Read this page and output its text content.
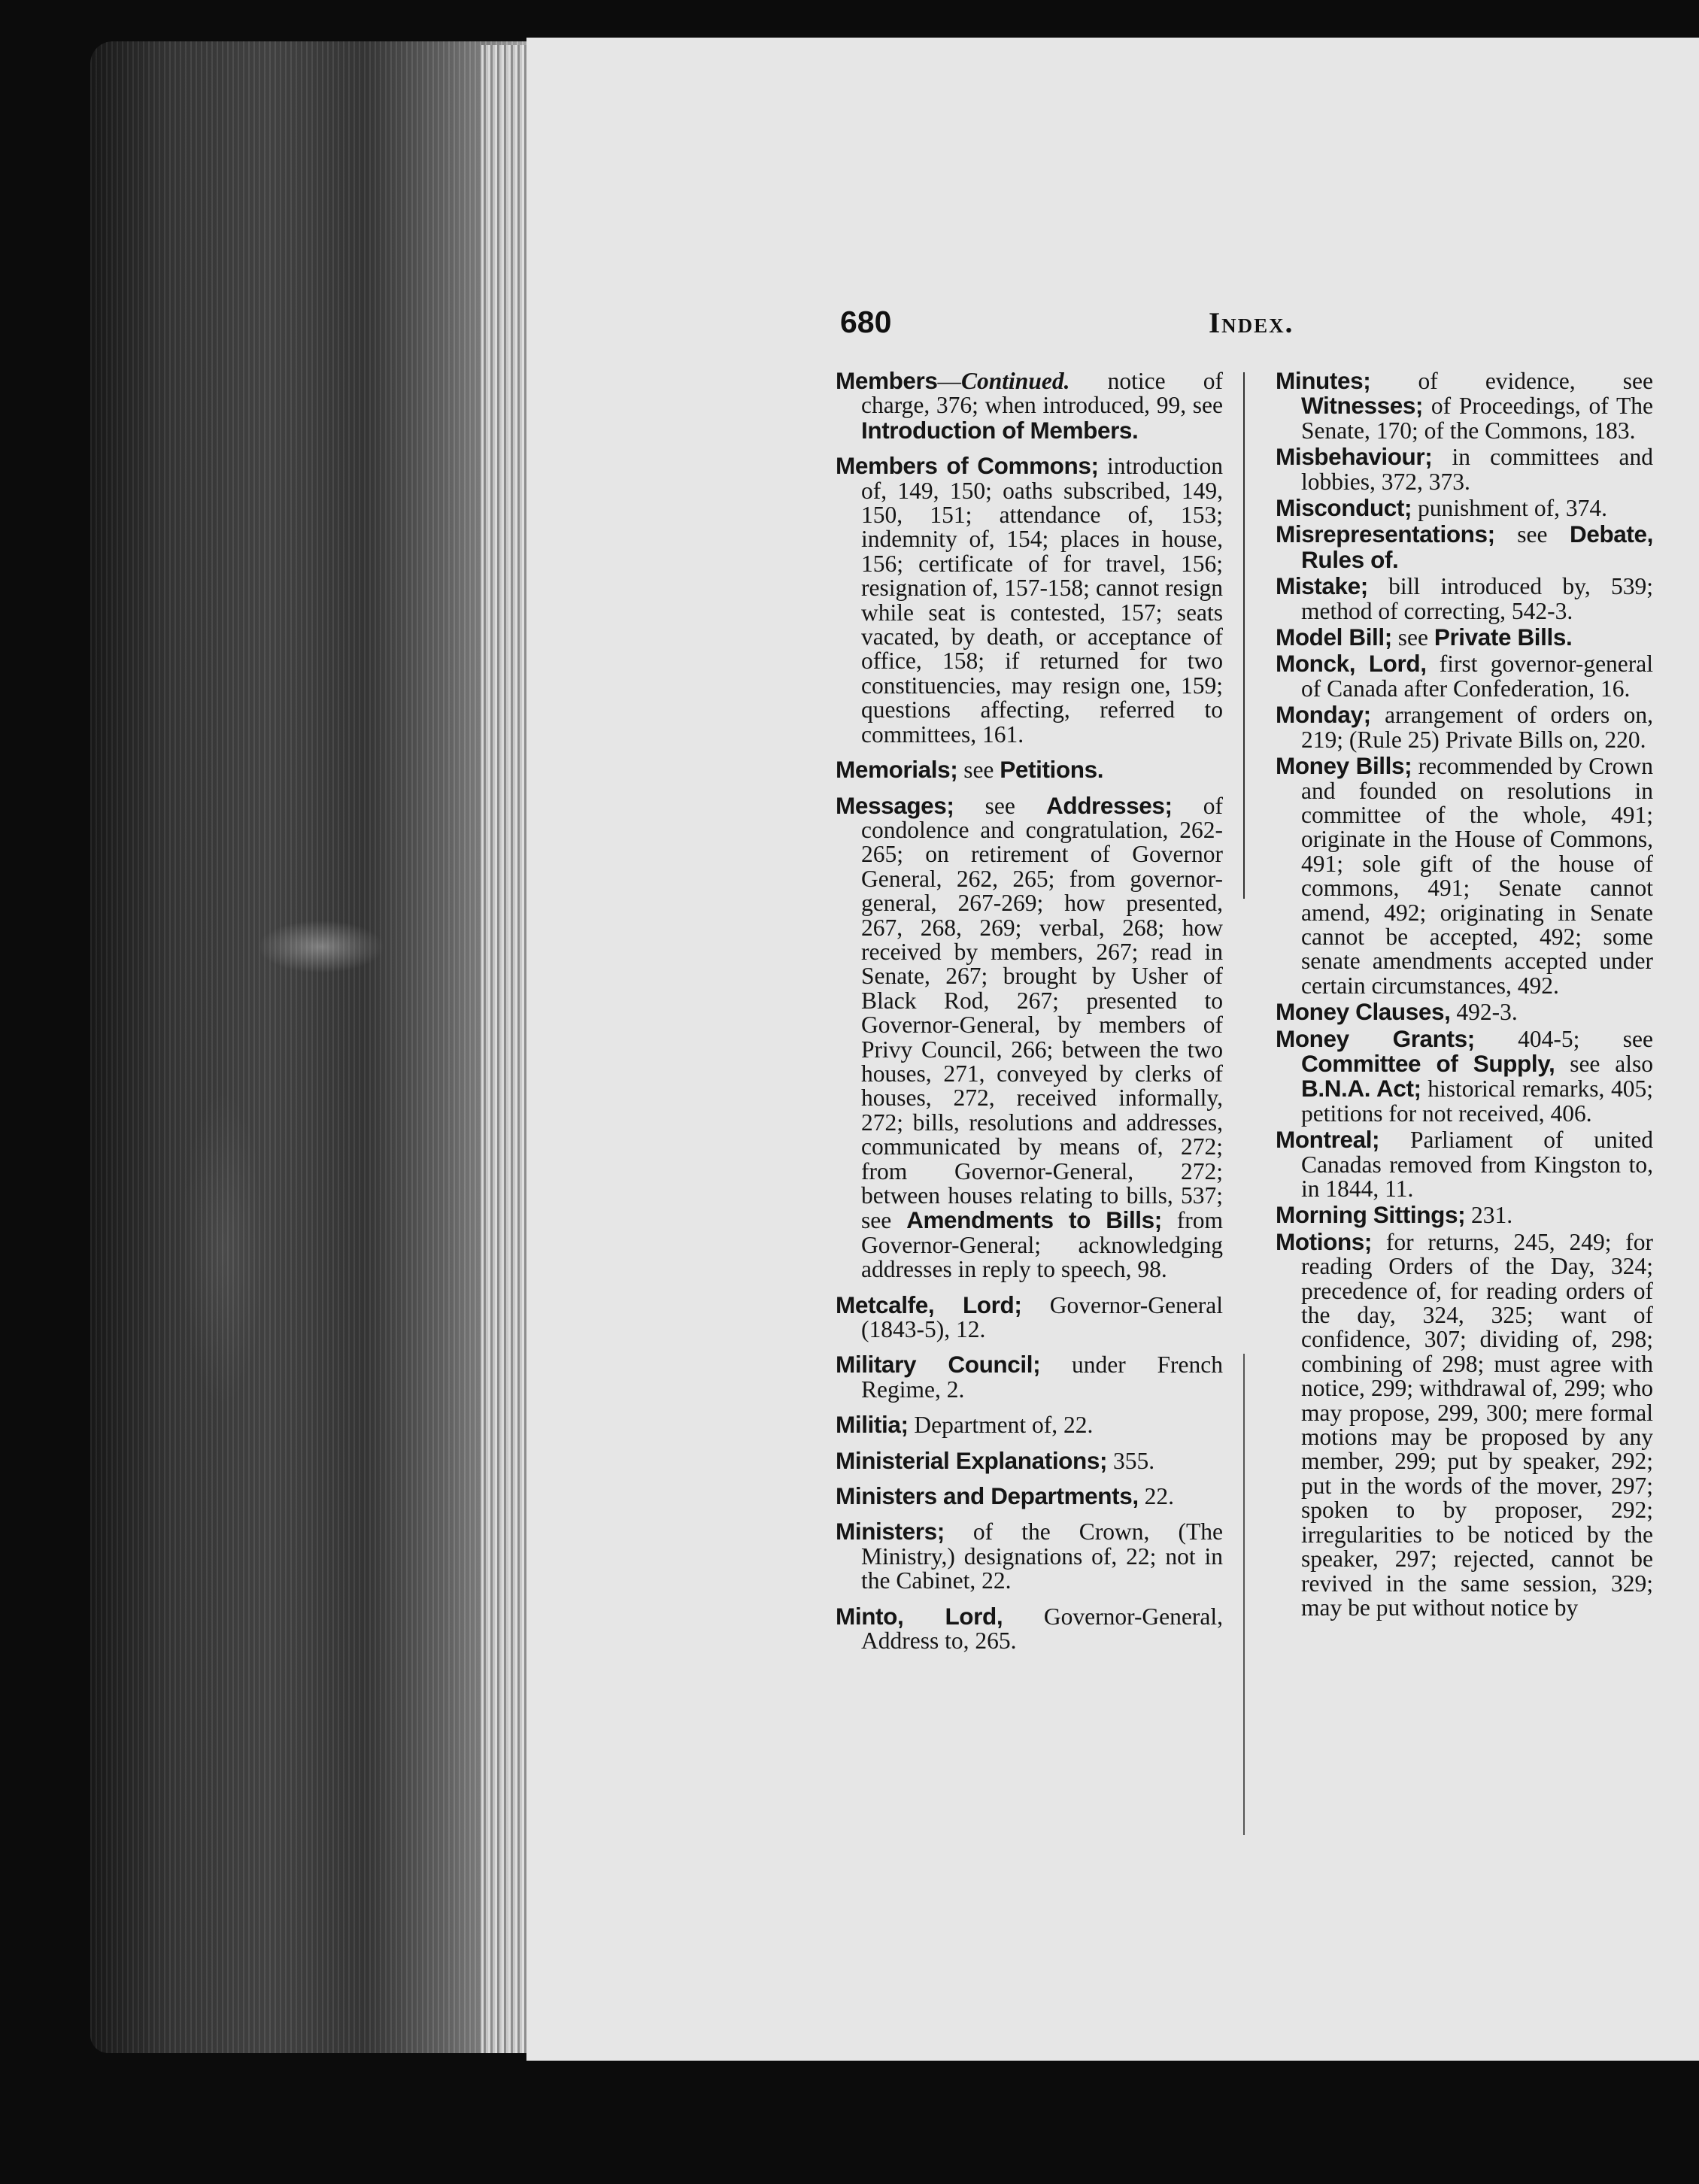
680	Index.
Members—Continued. notice of charge, 376; when introduced, 99, see Introduction of Members.
Members of Commons; introduction of, 149, 150; oaths subscribed, 149, 150, 151; attendance of, 153; indemnity of, 154; places in house, 156; certificate of for travel, 156; resignation of, 157-158; cannot resign while seat is contested, 157; seats vacated, by death, or acceptance of office, 158; if returned for two constituencies, may resign one, 159; questions affecting, referred to committees, 161.
Memorials; see Petitions.
Messages; see Addresses; of condolence and congratulation, 262-265; on retirement of Governor General, 262, 265; from governor-general, 267-269; how presented, 267, 268, 269; verbal, 268; how received by members, 267; read in Senate, 267; brought by Usher of Black Rod, 267; presented to Governor-General, by members of Privy Council, 266; between the two houses, 271, conveyed by clerks of houses, 272, received informally, 272; bills, resolutions and addresses, communicated by means of, 272; from Governor-General, 272; between houses relating to bills, 537; see Amendments to Bills; from Governor-General; acknowledging addresses in reply to speech, 98.
Metcalfe, Lord; Governor-General (1843-5), 12.
Military Council; under French Regime, 2.
Militia; Department of, 22.
Ministerial Explanations; 355.
Ministers and Departments, 22.
Ministers; of the Crown, (The Ministry,) designations of, 22; not in the Cabinet, 22.
Minto, Lord, Governor-General, Address to, 265.
Minutes; of evidence, see Witnesses; of Proceedings, of The Senate, 170; of the Commons, 183.
Misbehaviour; in committees and lobbies, 372, 373.
Misconduct; punishment of, 374.
Misrepresentations; see Debate, Rules of.
Mistake; bill introduced by, 539; method of correcting, 542-3.
Model Bill; see Private Bills.
Monck, Lord, first governor-general of Canada after Confederation, 16.
Monday; arrangement of orders on, 219; (Rule 25) Private Bills on, 220.
Money Bills; recommended by Crown and founded on resolutions in committee of the whole, 491; originate in the House of Commons, 491; sole gift of the house of commons, 491; Senate cannot amend, 492; originating in Senate cannot be accepted, 492; some senate amendments accepted under certain circumstances, 492.
Money Clauses, 492-3.
Money Grants; 404-5; see Committee of Supply, see also B.N.A. Act; historical remarks, 405; petitions for not received, 406.
Montreal; Parliament of united Canadas removed from Kingston to, in 1844, 11.
Morning Sittings; 231.
Motions; for returns, 245, 249; for reading Orders of the Day, 324; precedence of, for reading orders of the day, 324, 325; want of confidence, 307; dividing of, 298; combining of 298; must agree with notice, 299; withdrawal of, 299; who may propose, 299, 300; mere formal motions may be proposed by any member, 299; put by speaker, 292; put in the words of the mover, 297; spoken to by proposer, 292; irregularities to be noticed by the speaker, 297; rejected, cannot be revived in the same session, 329; may be put without notice by
